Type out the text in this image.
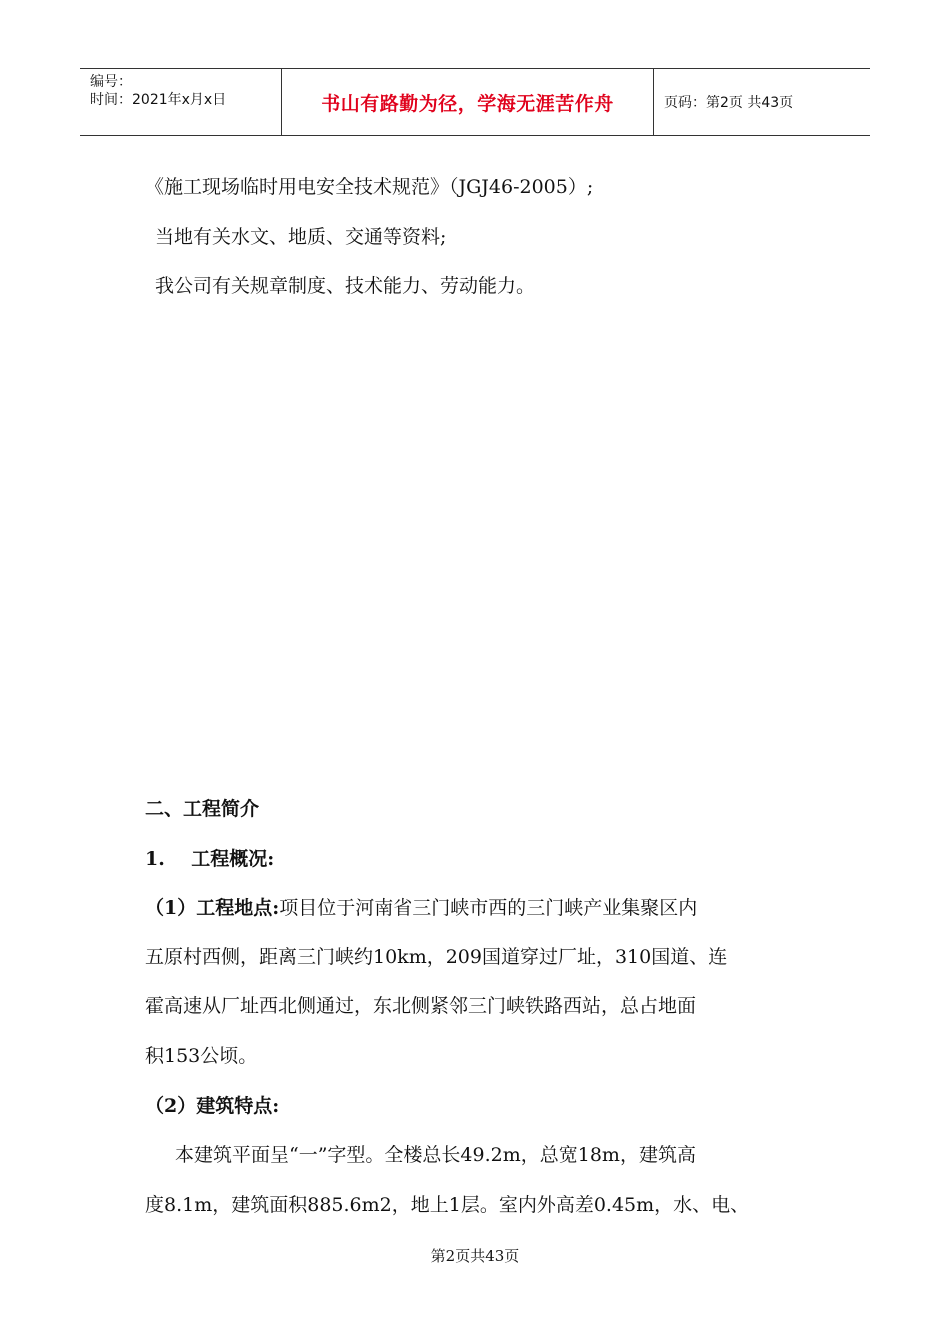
编号：
时间：2021年x月x日	书山有路勤为径，学海无涯苦作舟	页码：第2页 共43页
《施工现场临时用电安全技术规范》（JGJ46-2005）;
当地有关水文、地质、交通等资料;
我公司有关规章制度、技术能力、劳动能力。
二、工程简介
1.    工程概况:
（1）工程地点:项目位于河南省三门峡市西的三门峡产业集聚区内
五原村西侧，距离三门峡约10km，209国道穿过厂址，310国道、连
霍高速从厂址西北侧通过，东北侧紧邻三门峡铁路西站，总占地面
积153公顷。
（2）建筑特点:
本建筑平面呈“一”字型。全楼总长49.2m，总宽18m，建筑高
度8.1m，建筑面积885.6m2，地上1层。室内外高差0.45m，水、电、
第2页共43页
